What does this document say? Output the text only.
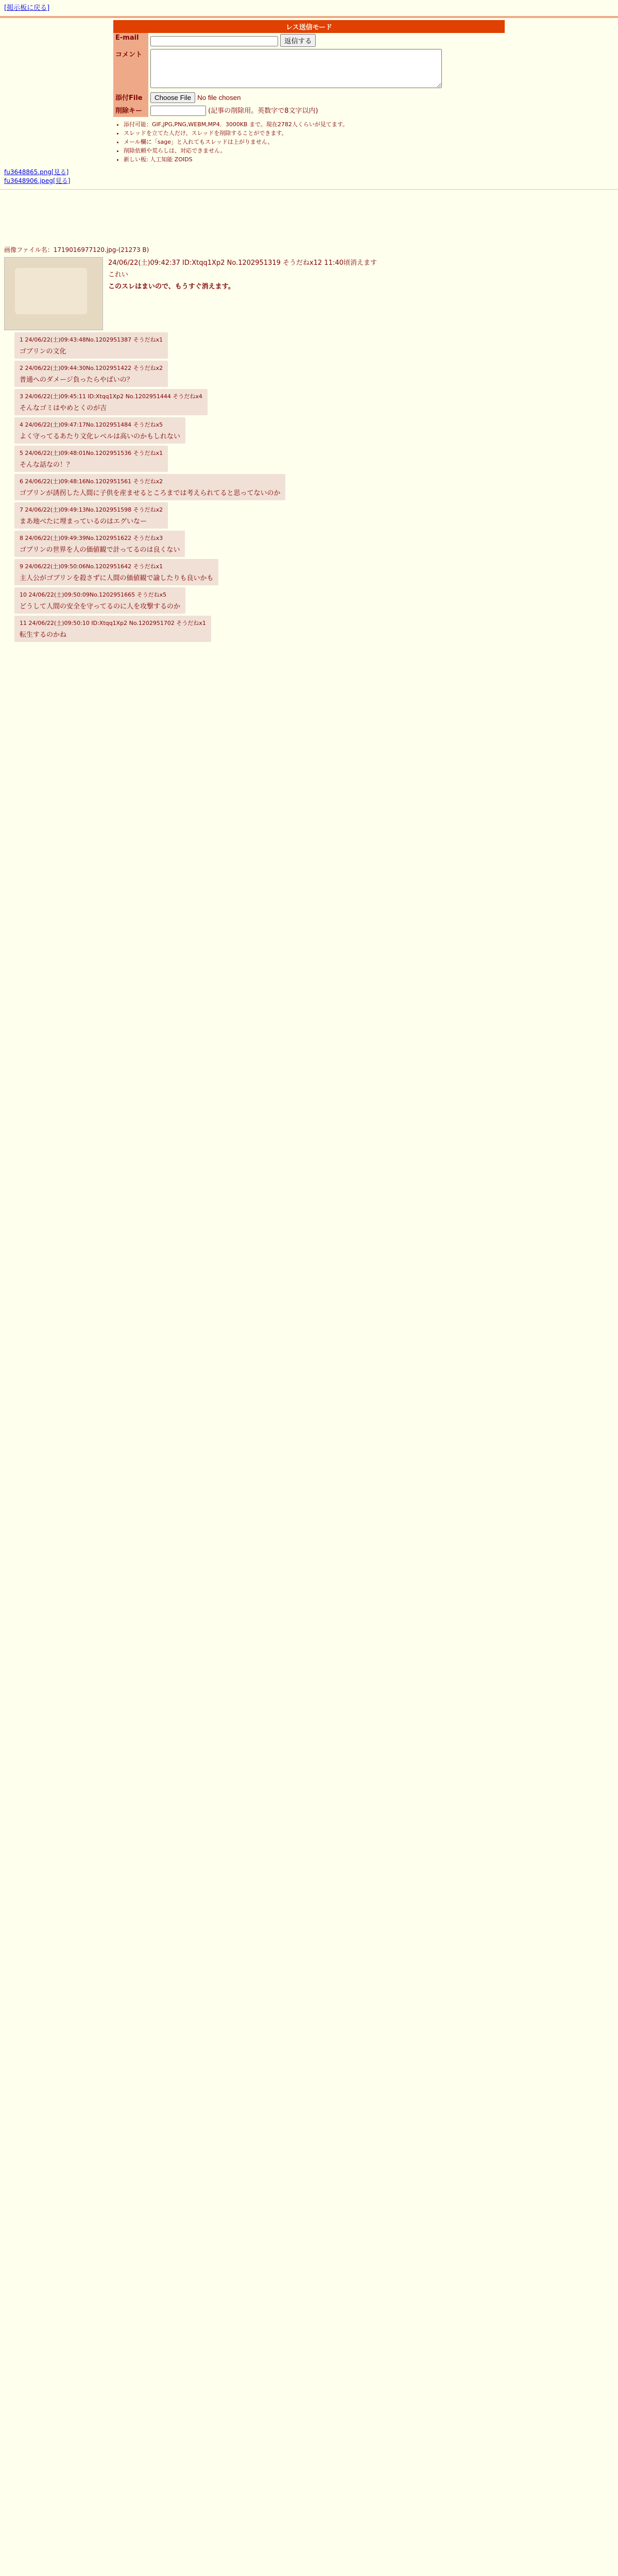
[掲示板に戻る]
レス送信モード
E-mail	返信する
コメント	
添付File	
削除キー	(記事の削除用。英数字で8文字以内)
• 添付可能：GIF,JPG,PNG,WEBM,MP4．3000KB まで。現在2782人くらいが見てます。
• スレッドを立てた人だけ、スレッドを削除することができます。
• メール欄に「sage」と入れてもスレッドは上がりません。
• 削除依頼や荒らしは、対応できません。
• 新しい板: 人工知能 ZOIDS
fu3648865.png[見る]
fu3648906.jpeg[見る]
画像ファイル名：1719016977120.jpg-(21273 B)
24/06/22(土)09:42:37 ID:Xtqq1Xp2 No.1202951319 そうだねx12 11:40頃消えます
これい
このスレはまいので、もうすぐ消えます。
1 24/06/22(土)09:43:48No.1202951387 そうだねx1
ゴブリンの文化
2 24/06/22(土)09:44:30No.1202951422 そうだねx2
普通へのダメージ負ったらやばいの？
3 24/06/22(土)09:45:11 ID:Xtqq1Xp2 No.1202951444 そうだねx4
そんなゴミはやめとくのが吉
4 24/06/22(土)09:47:17No.1202951484 そうだねx5
よく守ってるあたり文化レベルは高いのかもしれない
5 24/06/22(土)09:48:01No.1202951536 そうだねx1
そんな話なの！？
6 24/06/22(土)09:48:16No.1202951561 そうだねx2
ゴブリンが誘拐した人間に子供を産ませるところまでは考えられてると思ってないのか
7 24/06/22(土)09:49:13No.1202951598 そうだねx2
まあ地べたに埋まっているのはエグいなー
8 24/06/22(土)09:49:39No.1202951622 そうだねx3
ゴブリンの世界を人の価値観で計ってるのは良くない
9 24/06/22(土)09:50:06No.1202951642 そうだねx1
主人公がゴブリンを殺さずに人間の価値観で諭したりも良いかも
10 24/06/22(土)09:50:09No.1202951665 そうだねx5
どうして人間の安全を守ってるのに人を攻撃するのか
11 24/06/22(土)09:50:10 ID:Xtqq1Xp2 No.1202951702 そうだねx1
転生するのかね
